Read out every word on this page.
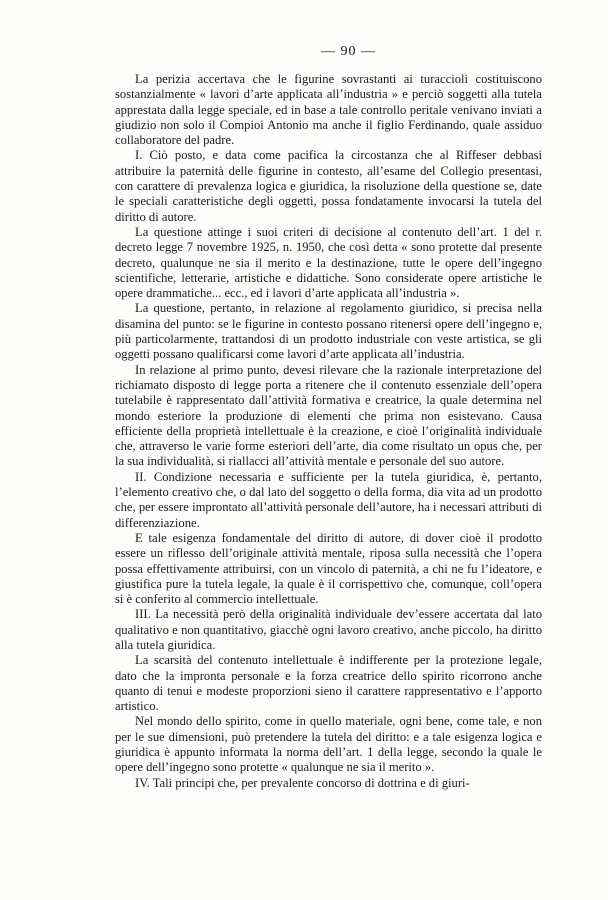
— 90 —

La perizia accertava che le figurine sovrastanti ai turaccioli costituiscono sostanzialmente « lavori d’arte applicata all’industria » e perciò soggetti alla tutela apprestata dalla legge speciale, ed in base a tale controllo peritale venivano inviati a giudizio non solo il Compioi Antonio ma anche il figlio Ferdinando, quale assiduo collaboratore del padre.

I. Ciò posto, e data come pacifica la circostanza che al Riffeser debbasi attribuire la paternità delle figurine in contesto, all’esame del Collegio presentasi, con carattere di prevalenza logica e giuridica, la risoluzione della questione se, date le speciali caratteristiche degli oggetti, possa fondatamente invocarsi la tutela del diritto di autore.

La questione attinge i suoi criteri di decisione al contenuto dell’art. 1 del r. decreto legge 7 novembre 1925, n. 1950, che così detta « sono protette dal presente decreto, qualunque ne sia il merito e la destinazione, tutte le opere dell’ingegno scientifiche, letterarie, artistiche e didattiche. Sono considerate opere artistiche le opere drammatiche... ecc., ed i lavori d’arte applicata all’industria ».

La questione, pertanto, in relazione al regolamento giuridico, si precisa nella disamina del punto: se le figurine in contesto possano ritenersi opere dell’ingegno e, più particolarmente, trattandosi di un prodotto industriale con veste artistica, se gli oggetti possano qualificarsi come lavori d’arte applicata all’industria.

In relazione al primo punto, devesi rilevare che la razionale interpretazione del richiamato disposto di legge porta a ritenere che il contenuto essenziale dell’opera tutelabile è rappresentato dall’attività formativa e creatrice, la quale determina nel mondo esteriore la produzione di elementi che prima non esistevano. Causa efficiente della proprietà intellettuale è la creazione, e cioè l’originalità individuale che, attraverso le varie forme esteriori dell’arte, dia come risultato un opus che, per la sua individualità, si riallacci all’attività mentale e personale del suo autore.

II. Condizione necessaria e sufficiente per la tutela giuridica, è, pertanto, l’elemento creativo che, o dal lato del soggetto o della forma, dia vita ad un prodotto che, per essere improntato all’attività personale dell’autore, ha i necessari attributi di differenziazione.

E tale esigenza fondamentale del diritto di autore, di dover cioè il prodotto essere un riflesso dell’originale attività mentale, riposa sulla necessità che l’opera possa effettivamente attribuirsi, con un vincolo di paternità, a chi ne fu l’ideatore, e giustifica pure la tutela legale, la quale è il corrispettivo che, comunque, coll’opera si è conferito al commercio intellettuale.

III. La necessità però della originalità individuale dev’essere accertata dal lato qualitativo e non quantitativo, giacchè ogni lavoro creativo, anche piccolo, ha diritto alla tutela giuridica.

La scarsità del contenuto intellettuale è indifferente per la protezione legale, dato che la impronta personale e la forza creatrice dello spirito ricorrono anche quanto di tenui e modeste proporzioni sieno il carattere rappresentativo e l’apporto artistico.

Nel mondo dello spirito, come in quello materiale, ogni bene, come tale, e non per le sue dimensioni, può pretendere la tutela del diritto: e a tale esigenza logica e giuridica è appunto informata la norma dell’art. 1 della legge, secondo la quale le opere dell’ingegno sono protette « qualunque ne sia il merito ».

IV. Tali principi che, per prevalente concorso di dottrina e di giuri-
